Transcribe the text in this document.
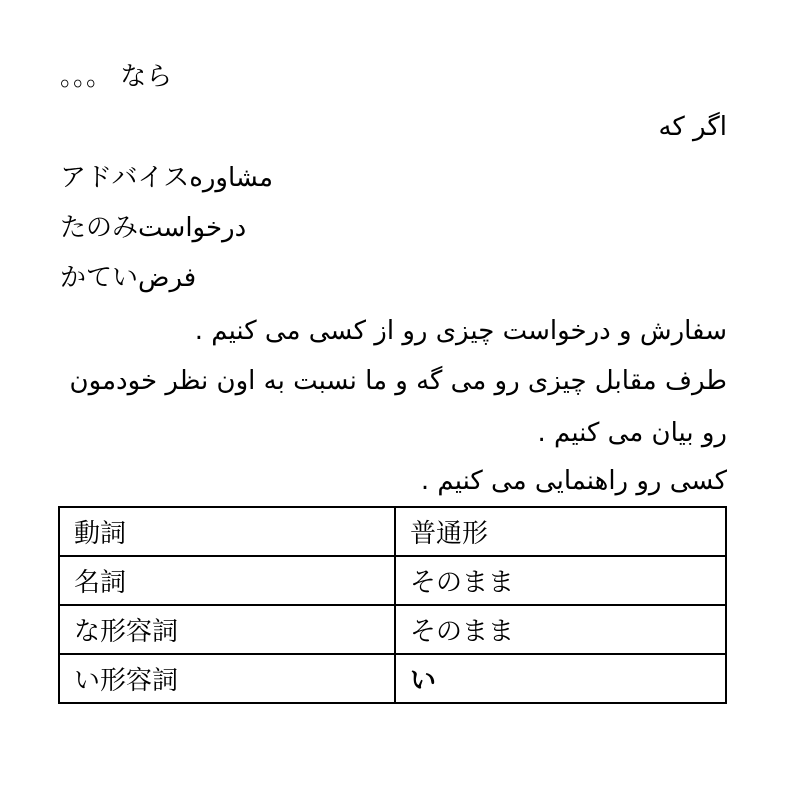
。。。 なら
اگر که
アドバイスمشاوره
たのみدرخواست
かていفرض
سفارش و درخواست چیزی رو از کسی می کنیم .
طرف مقابل چیزی رو می گه و ما نسبت به اون نظر خودمون
رو بیان می کنیم .
کسی رو راهنمایی می کنیم .
動詞	普通形
名詞	そのまま
な形容詞	そのまま
い形容詞	い
